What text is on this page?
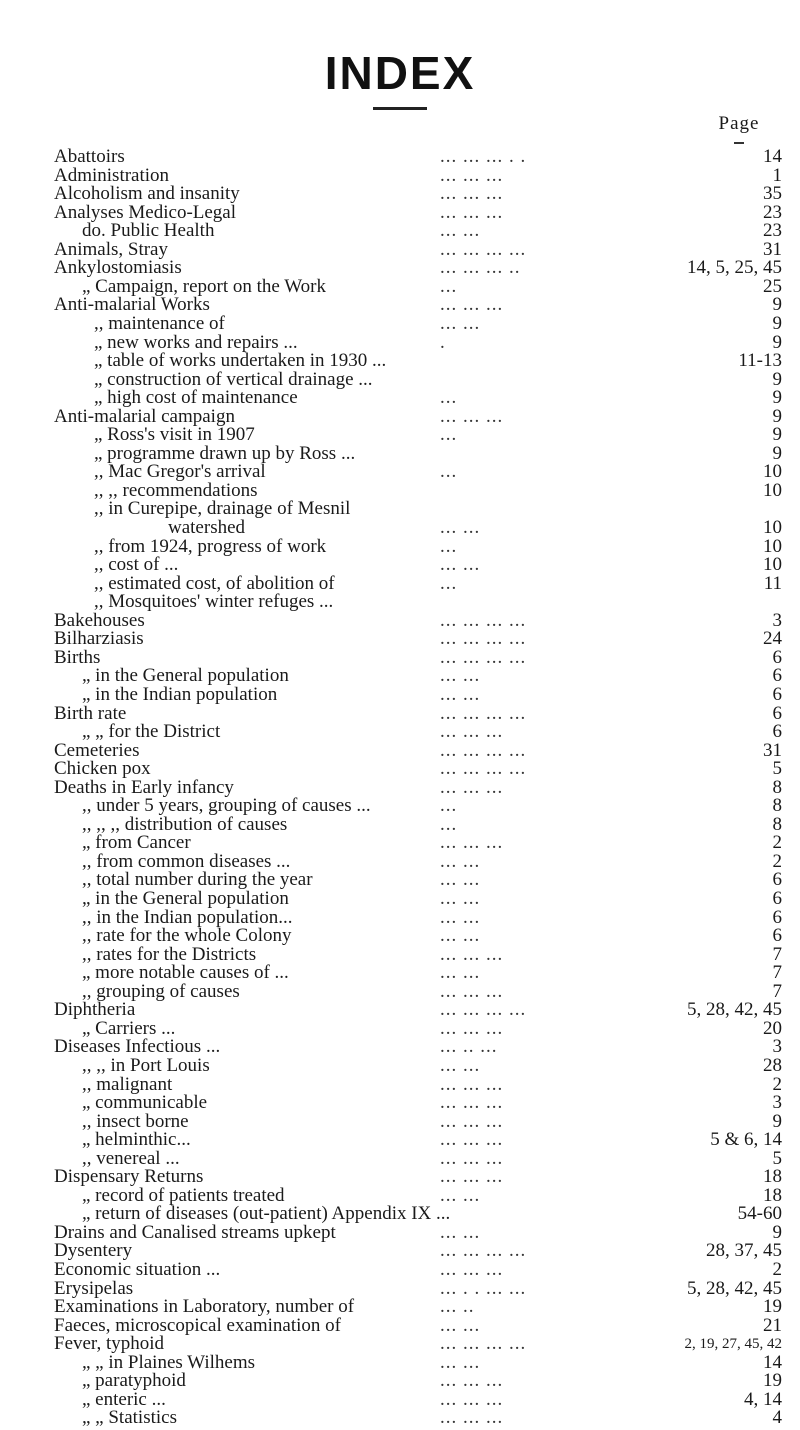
INDEX
Page
Abattoirs	... ... ... . .	14
Administration	... ... ...	1
Alcoholism and insanity	... ... ...	35
Analyses Medico-Legal	... ... ...	23
do. Public Health	... ...	23
Animals, Stray	... ... ... ...	31
Ankylostomiasis	... ... ... ..	14, 5, 25, 45
„ Campaign, report on the Work	...	25
Anti-malarial Works	... ... ...	9
,, maintenance of	... ...	9
„ new works and repairs ...	.	9
„ table of works undertaken in 1930 ...	11-13
„ construction of vertical drainage ...	9
„ high cost of maintenance	...	9
Anti-malarial campaign	... ... ...	9
„ Ross's visit in 1907	...	9
„ programme drawn up by Ross ...	9
,, Mac Gregor's arrival	...	10
,, ,, recommendations	10
,, in Curepipe, drainage of Mesnil
watershed	... ...	10
,, from 1924, progress of work	...	10
,, cost of ...	... ...	10
,, estimated cost, of abolition of	...	11
,, Mosquitoes' winter refuges ...
Bakehouses	... ... ... ...	3
Bilharziasis	... ... ... ...	24
Births	... ... ... ...	6
„ in the General population	... ...	6
„ in the Indian population	... ...	6
Birth rate	... ... ... ...	6
„ „ for the District	... ... ...	6
Cemeteries	... ... ... ...	31
Chicken pox	... ... ... ...	5
Deaths in Early infancy	... ... ...	8
,, under 5 years, grouping of causes ...	...	8
,, ,, ,, distribution of causes	...	8
„ from Cancer	... ... ...	2
,, from common diseases ...	... ...	2
,, total number during the year	... ...	6
„ in the General population	... ...	6
,, in the Indian population...	... ...	6
,, rate for the whole Colony	... ...	6
,, rates for the Districts	... ... ...	7
„ more notable causes of ...	... ...	7
,, grouping of causes	... ... ...	7
Diphtheria	... ... ... ...	5, 28, 42, 45
„ Carriers ...	... ... ...	20
Diseases Infectious ...	... .. ...	3
,, ,, in Port Louis	... ...	28
,, malignant	... ... ...	2
„ communicable	... ... ...	3
,, insect borne	... ... ...	9
„ helminthic...	... ... ...	5 & 6, 14
,, venereal ...	... ... ...	5
Dispensary Returns	... ... ...	18
„ record of patients treated	... ...	18
„ return of diseases (out-patient) Appendix IX ...	54-60
Drains and Canalised streams upkept	... ...	9
Dysentery	... ... ... ...	28, 37, 45
Economic situation ...	... ... ...	2
Erysipelas	... . . ... ...	5, 28, 42, 45
Examinations in Laboratory, number of	... ..	19
Faeces, microscopical examination of	... ...	21
Fever, typhoid	... ... ... ...	2, 19, 27, 45, 42
„ „ in Plaines Wilhems	... ...	14
„ paratyphoid	... ... ...	19
„ enteric ...	... ... ...	4, 14
„ „ Statistics	... ... ...	4
